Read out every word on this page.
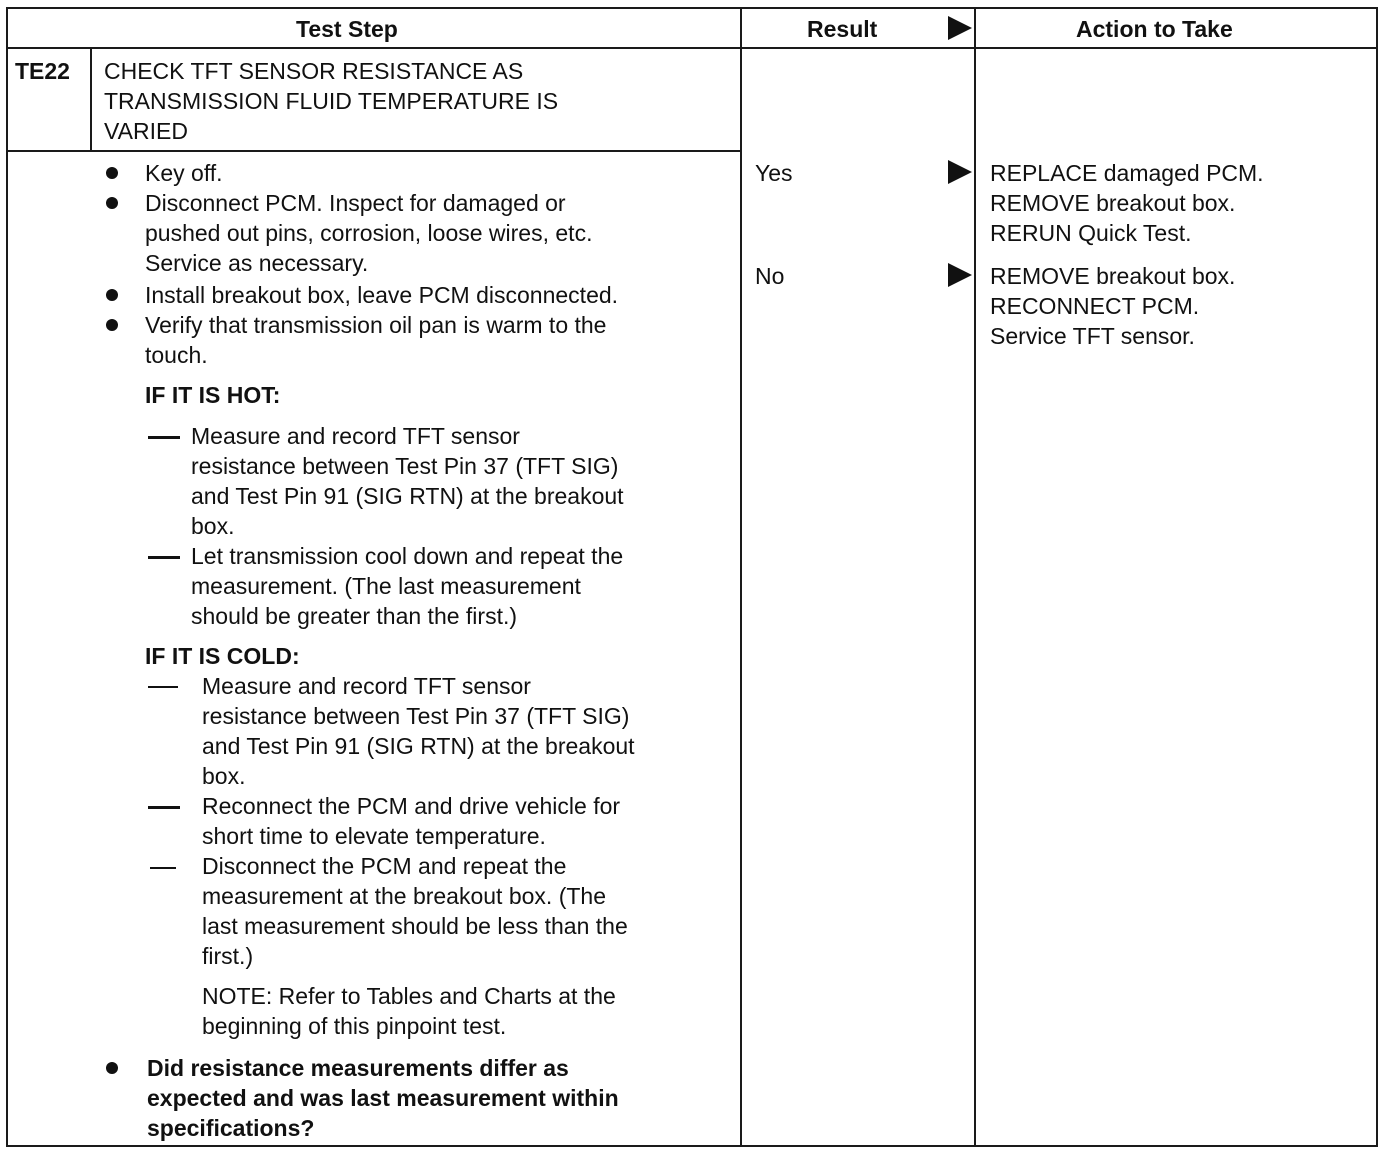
Test Step	Result	Action to Take
TE22 CHECK TFT SENSOR RESISTANCE AS
TRANSMISSION FLUID TEMPERATURE IS
VARIED
Key off.
Disconnect PCM. Inspect for damaged or
pushed out pins, corrosion, loose wires, etc.
Service as necessary.
Install breakout box, leave PCM disconnected.
Verify that transmission oil pan is warm to the
touch.
IF IT IS HOT:
Measure and record TFT sensor
resistance between Test Pin 37 (TFT SIG)
and Test Pin 91 (SIG RTN) at the breakout
box.
Let transmission cool down and repeat the
measurement. (The last measurement
should be greater than the first.)
IF IT IS COLD:
Measure and record TFT sensor
resistance between Test Pin 37 (TFT SIG)
and Test Pin 91 (SIG RTN) at the breakout
box.
Reconnect the PCM and drive vehicle for
short time to elevate temperature.
Disconnect the PCM and repeat the
measurement at the breakout box. (The
last measurement should be less than the
first.)
NOTE: Refer to Tables and Charts at the
beginning of this pinpoint test.
Did resistance measurements differ as
expected and was last measurement within
specifications?
Yes	REPLACE damaged PCM.
REMOVE breakout box.
RERUN Quick Test.
No	REMOVE breakout box.
RECONNECT PCM.
Service TFT sensor.
